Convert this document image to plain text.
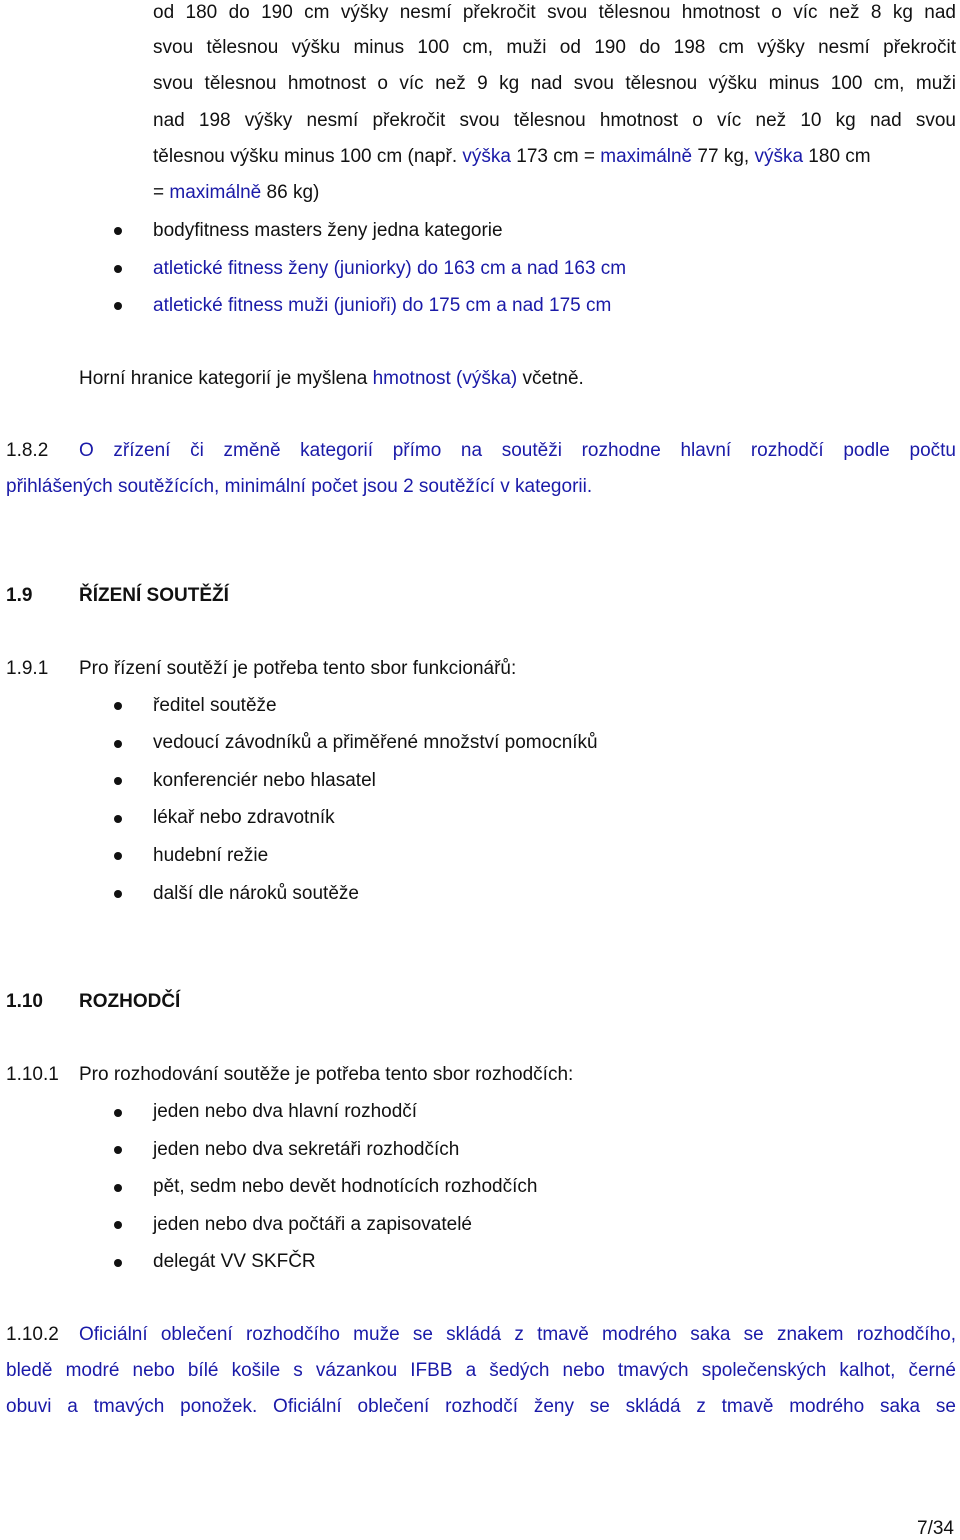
od 180 do 190 cm výšky nesmí překročit svou tělesnou hmotnost o víc než 8 kg nad
svou tělesnou výšku minus 100 cm, muži od 190 do 198 cm výšky nesmí překročit
svou tělesnou hmotnost o víc než 9 kg nad svou tělesnou výšku minus 100 cm, muži
nad 198 výšky nesmí překročit svou tělesnou hmotnost o víc než 10 kg nad svou
tělesnou výšku minus 100 cm (např. výška 173 cm = maximálně 77 kg, výška 180 cm
= maximálně 86 kg)
bodyfitness masters ženy jedna kategorie
atletické fitness ženy (juniorky) do 163 cm a nad 163 cm
atletické fitness muži (junioři) do 175 cm a nad 175 cm
Horní hranice kategorií je myšlena hmotnost (výška) včetně.
1.8.2 O zřízení či změně kategorií přímo na soutěži rozhodne hlavní rozhodčí podle počtu
přihlášených soutěžících, minimální počet jsou 2 soutěžící v kategorii.
1.9 ŘÍZENÍ SOUTĚŽÍ
1.9.1 Pro řízení soutěží je potřeba tento sbor funkcionářů:
ředitel soutěže
vedoucí závodníků a přiměřené množství pomocníků
konferenciér nebo hlasatel
lékař nebo zdravotník
hudební režie
další dle nároků soutěže
1.10 ROZHODČÍ
1.10.1 Pro rozhodování soutěže je potřeba tento sbor rozhodčích:
jeden nebo dva hlavní rozhodčí
jeden nebo dva sekretáři rozhodčích
pět, sedm nebo devět hodnotících rozhodčích
jeden nebo dva počtáři a zapisovatelé
delegát VV SKFČR
1.10.2 Oficiální oblečení rozhodčího muže se skládá z tmavě modrého saka se znakem rozhodčího,
bledě modré nebo bílé košile s vázankou IFBB a šedých nebo tmavých společenských kalhot, černé
obuvi a tmavých ponožek. Oficiální oblečení rozhodčí ženy se skládá z tmavě modrého saka se
7/34
